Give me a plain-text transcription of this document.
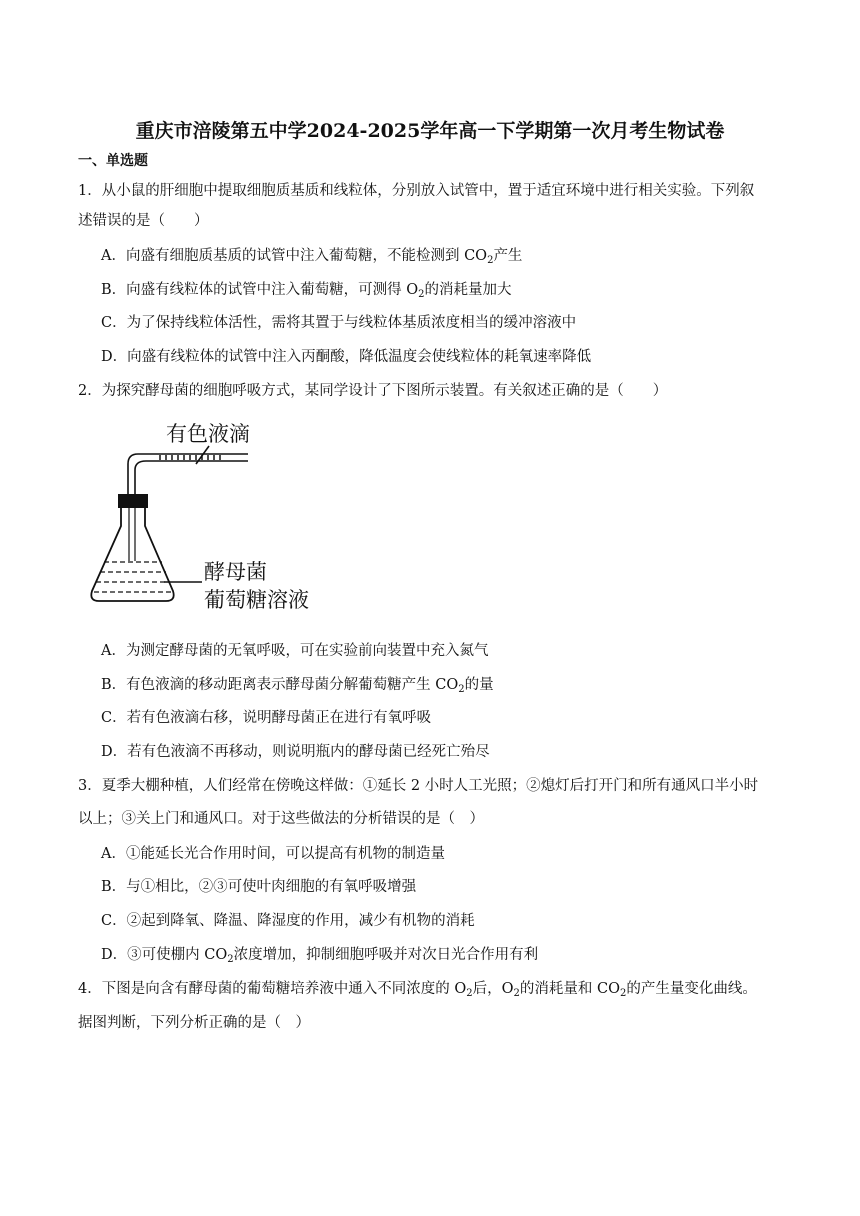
重庆市涪陵第五中学2024-2025学年高一下学期第一次月考生物试卷
一、单选题
1．从小鼠的肝细胞中提取细胞质基质和线粒体，分别放入试管中，置于适宜环境中进行相关实验。下列叙
述错误的是（　　）
A．向盛有细胞质基质的试管中注入葡萄糖，不能检测到 $CO_2$产生
B．向盛有线粒体的试管中注入葡萄糖，可测得 $O_2$的消耗量加大
C．为了保持线粒体活性，需将其置于与线粒体基质浓度相当的缓冲溶液中
D．向盛有线粒体的试管中注入丙酮酸，降低温度会使线粒体的耗氧速率降低
2．为探究酵母菌的细胞呼吸方式，某同学设计了下图所示装置。有关叙述正确的是（　　）
有色液滴
酵母菌
葡萄糖溶液
A．为测定酵母菌的无氧呼吸，可在实验前向装置中充入氮气
B．有色液滴的移动距离表示酵母菌分解葡萄糖产生 $CO_2$的量
C．若有色液滴右移，说明酵母菌正在进行有氧呼吸
D．若有色液滴不再移动，则说明瓶内的酵母菌已经死亡殆尽
3．夏季大棚种植，人们经常在傍晚这样做：①延长 2 小时人工光照；②熄灯后打开门和所有通风口半小时
以上；③关上门和通风口。对于这些做法的分析错误的是（　）
A．①能延长光合作用时间，可以提高有机物的制造量
B．与①相比，②③可使叶肉细胞的有氧呼吸增强
C．②起到降氧、降温、降湿度的作用，减少有机物的消耗
D．③可使棚内 $CO_2$浓度增加，抑制细胞呼吸并对次日光合作用有利
4．下图是向含有酵母菌的葡萄糖培养液中通入不同浓度的 $O_2$后，$O_2$的消耗量和 $CO_2$的产生量变化曲线。
据图判断，下列分析正确的是（　）
